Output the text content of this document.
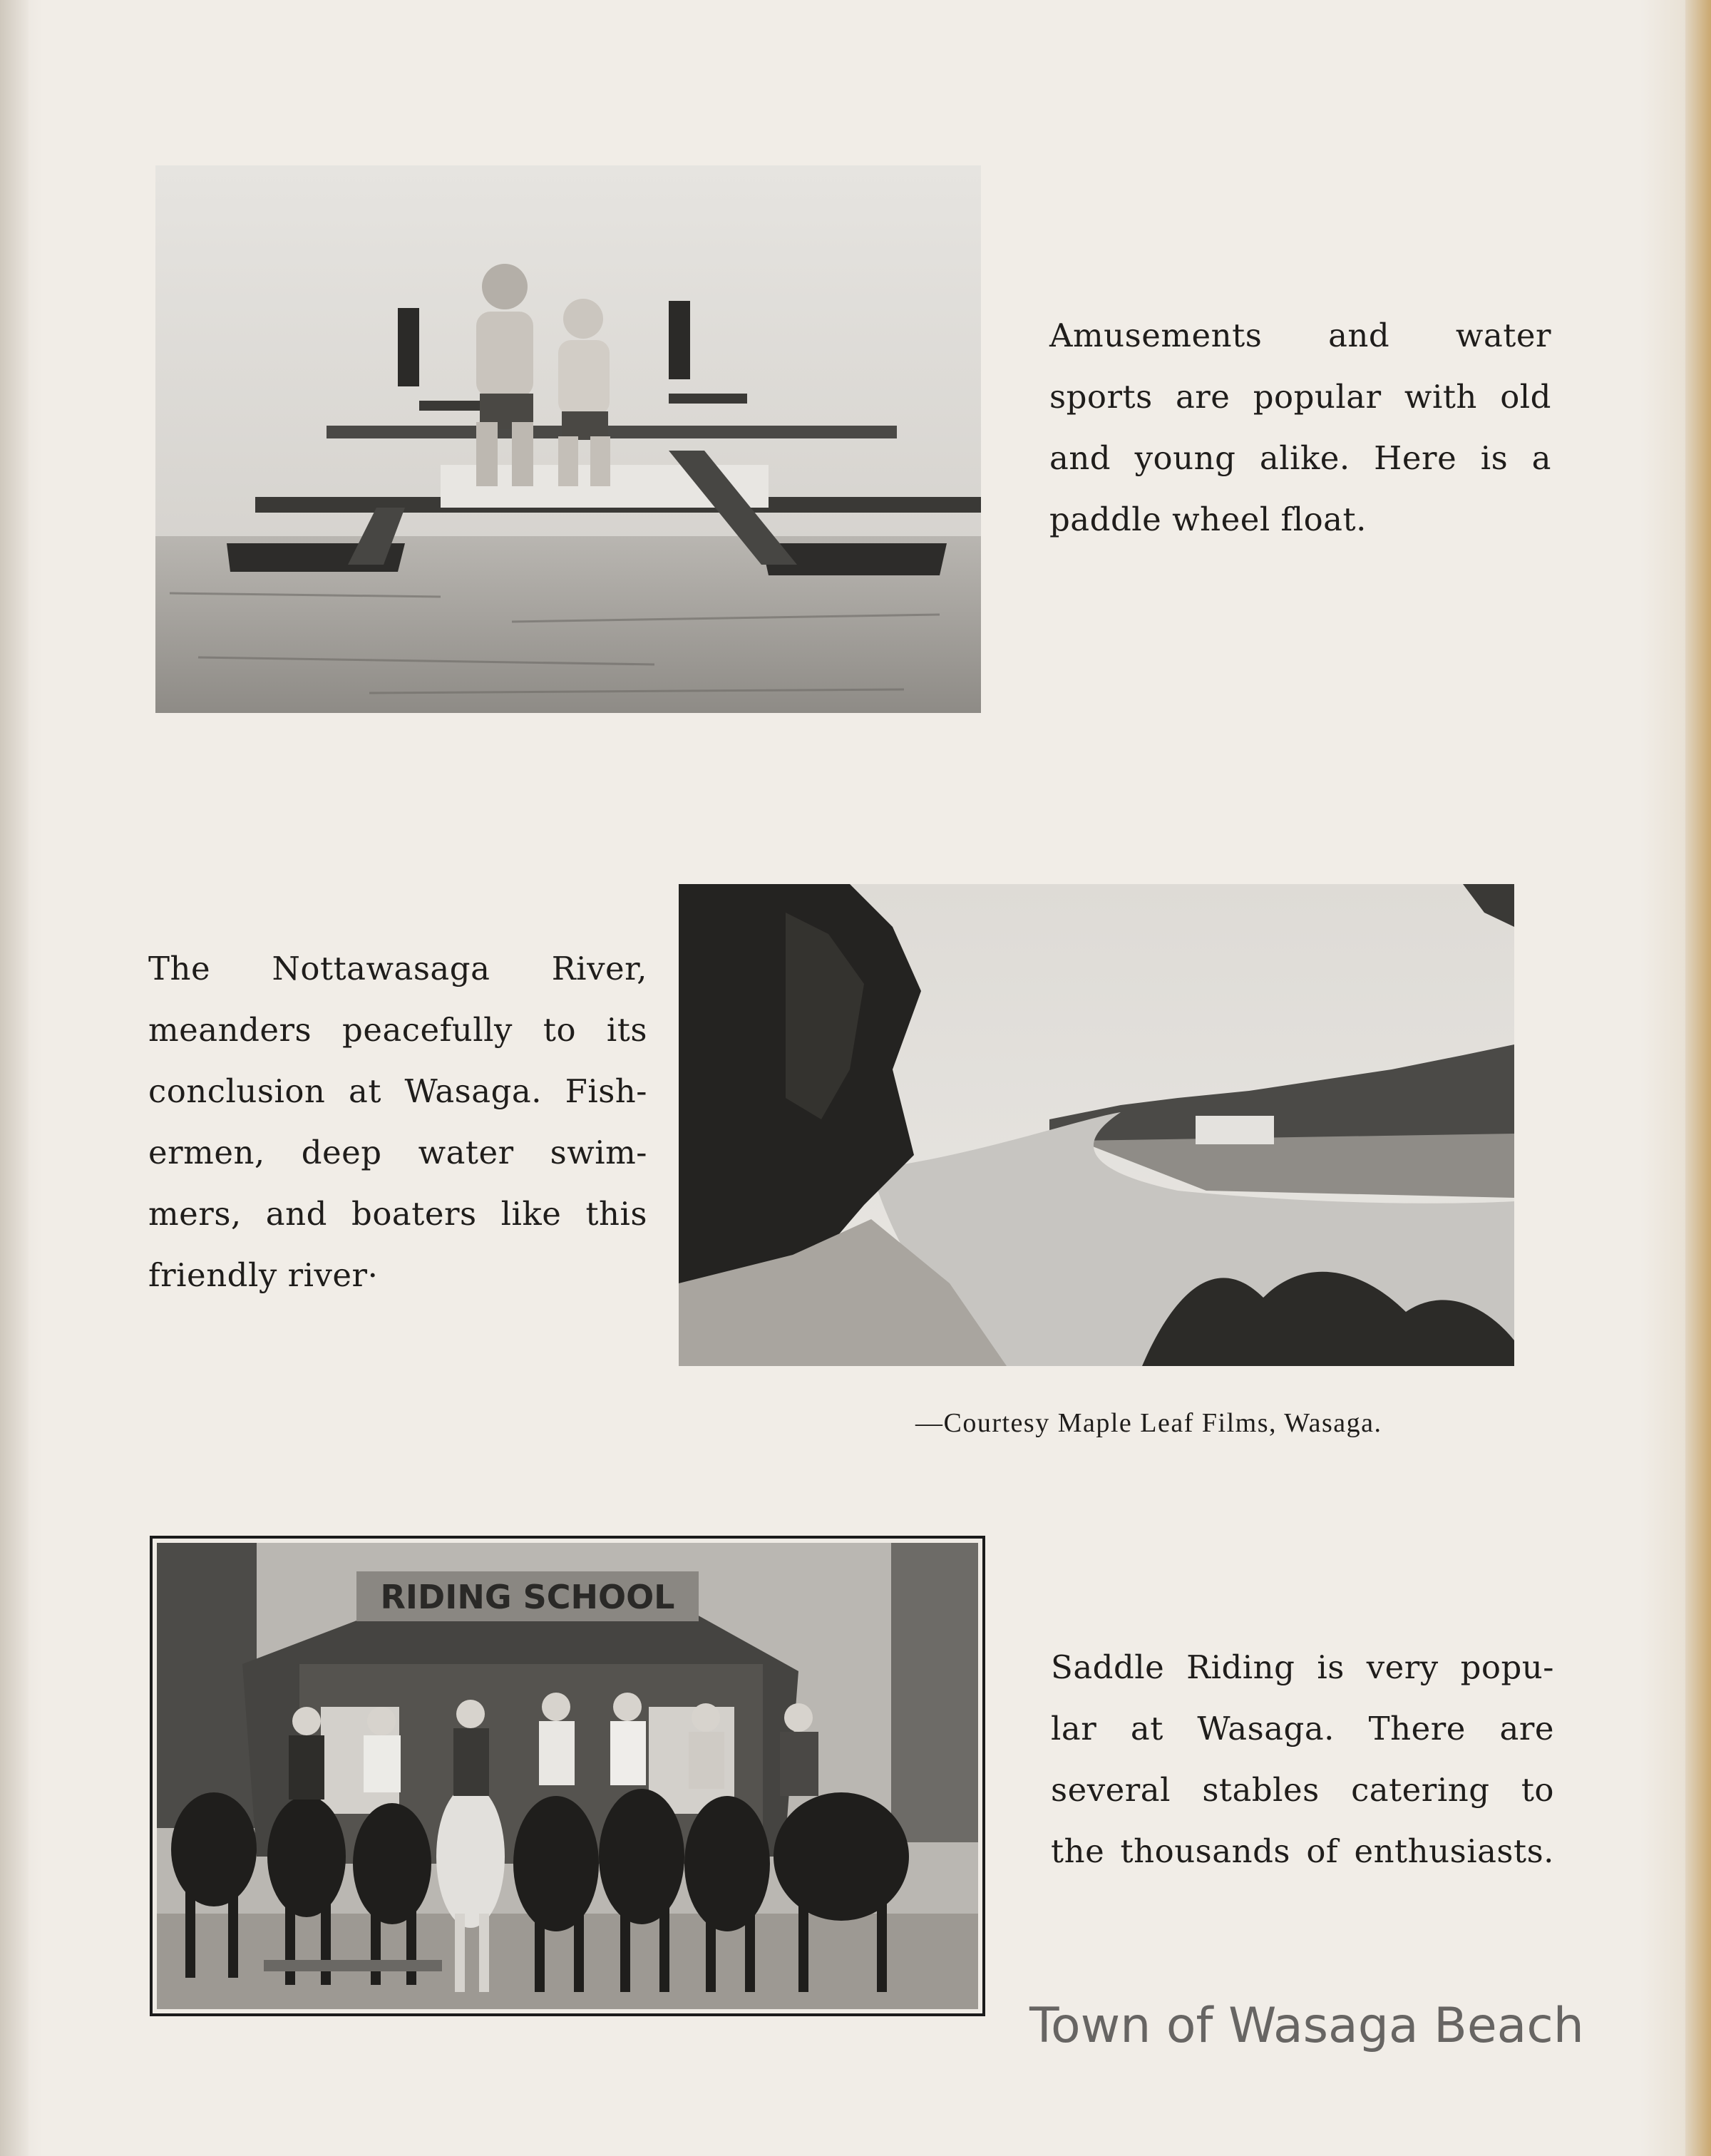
Amusements and water
sports are popular with old
and young alike. Here is a
paddle wheel float.
The Nottawasaga River,
meanders peacefully to its
conclusion at Wasaga. Fish-
ermen, deep water swim-
mers, and boaters like this
friendly river·
—Courtesy Maple Leaf Films, Wasaga.
RIDING SCHOOL
Saddle Riding is very popu-
lar at Wasaga. There are
several stables catering to
the thousands of enthusiasts.
Town of Wasaga Beach
